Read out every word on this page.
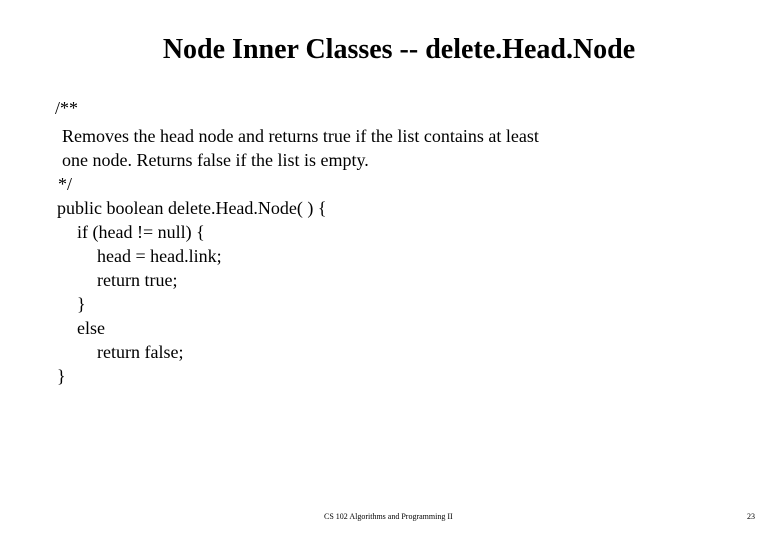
Node Inner Classes -- delete.Head.Node
/**
Removes the head node and returns true if the list contains at least
one node. Returns false if the list is empty.
*/
public boolean delete.Head.Node( ) {
if (head != null) {
head = head.link;
return true;
}
else
return false;
}
CS 102 Algorithms and Programming II	23
